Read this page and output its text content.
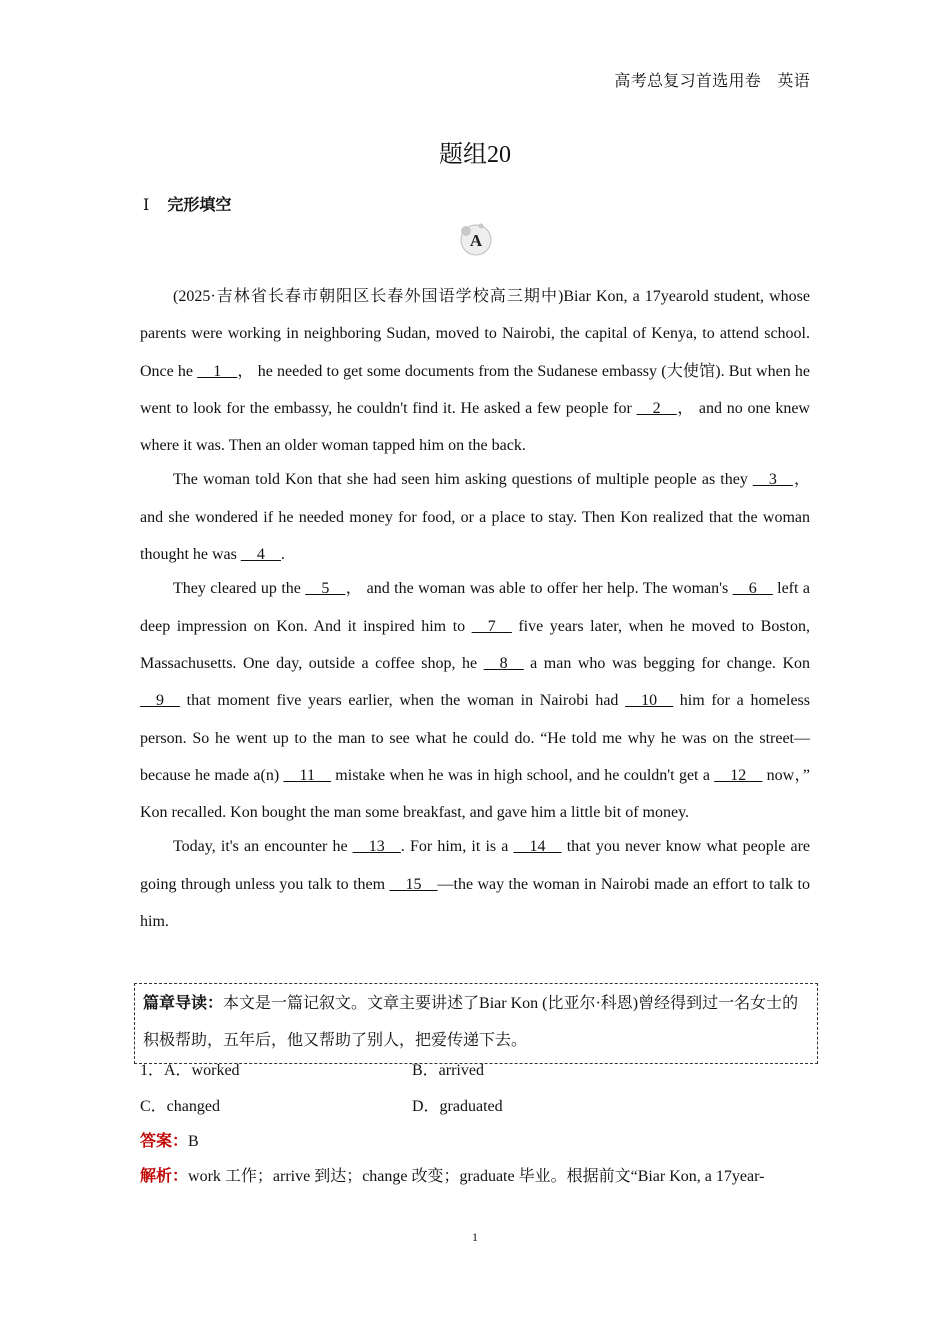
高考总复习首选用卷　英语
题组20
Ⅰ 完形填空
A

(2025·吉林省长春市朝阳区长春外国语学校高三期中)Biar Kon, a 17yearold student, whose parents were working in neighboring Sudan, moved to Nairobi, the capital of Kenya, to attend school. Once he __1__， he needed to get some documents from the Sudanese embassy (大使馆). But when he went to look for the embassy, he couldn't find it. He asked a few people for __2__， and no one knew where it was. Then an older woman tapped him on the back.

The woman told Kon that she had seen him asking questions of multiple people as they __3__， and she wondered if he needed money for food, or a place to stay. Then Kon realized that the woman thought he was __4__.

They cleared up the __5__， and the woman was able to offer her help. The woman's __6__ left a deep impression on Kon. And it inspired him to __7__ five years later, when he moved to Boston, Massachusetts. One day, outside a coffee shop, he __8__ a man who was begging for change. Kon __9__ that moment five years earlier, when the woman in Nairobi had __10__ him for a homeless person. So he went up to the man to see what he could do. “He told me why he was on the street—because he made a(n) __11__ mistake when he was in high school, and he couldn't get a __12__ now，” Kon recalled. Kon bought the man some breakfast, and gave him a little bit of money.

Today, it's an encounter he __13__. For him, it is a __14__ that you never know what people are going through unless you talk to them __15__—the way the woman in Nairobi made an effort to talk to him.

篇章导读：本文是一篇记叙文。文章主要讲述了Biar Kon (比亚尔·科恩)曾经得到过一名女士的积极帮助，五年后，他又帮助了别人，把爱传递下去。
1．A．worked	B．arrived
C．changed	D．graduated
答案：B
解析：work 工作；arrive 到达；change 改变；graduate 毕业。根据前文“Biar Kon, a 17year-
1
